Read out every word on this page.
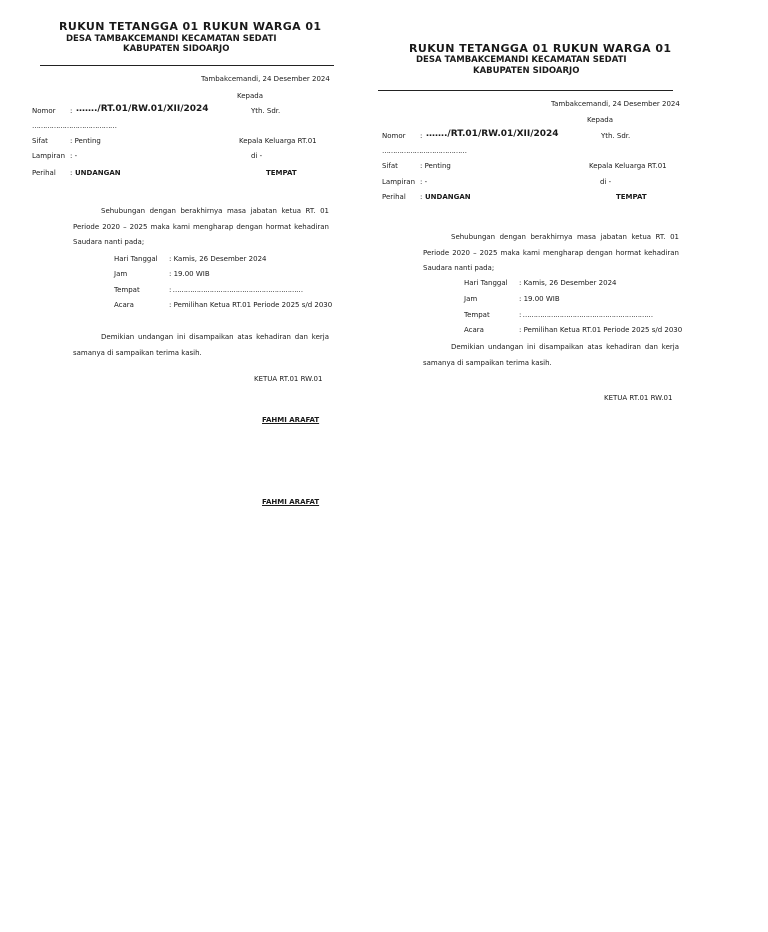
RUKUN TETANGGA 01 RUKUN WARGA 01
DESA TAMBAKCEMANDI KECAMATAN SEDATI
KABUPATEN SIDOARJO
Tambakcemandi, 24 Desember 2024
Kepada
Nomor : ……./RT.01/RW.01/XII/2024	Yth. Sdr.
…………………………………
Sifat	: Penting	Kepala Keluarga RT.01
Lampiran : -	di -
Perihal : UNDANGAN	TEMPAT
Sehubungan dengan berakhirnya masa jabatan ketua RT. 01 Periode 2020 – 2025 maka kami mengharap dengan hormat kehadiran Saudara nanti pada;
Hari Tanggal : Kamis, 26 Desember 2024
Jam	: 19.00 WIB
Tempat	: ……………………………………………………
Acara	: Pemilihan Ketua RT.01 Periode 2025 s/d 2030
Demikian undangan ini disampaikan atas kehadiran dan kerja samanya di sampaikan terima kasih.
KETUA RT.01 RW.01
FAHMI ARAFAT
FAHMI ARAFAT
RUKUN TETANGGA 01 RUKUN WARGA 01
DESA TAMBAKCEMANDI KECAMATAN SEDATI
KABUPATEN SIDOARJO
Tambakcemandi, 24 Desember 2024
Kepada
Nomor : ……./RT.01/RW.01/XII/2024	Yth. Sdr.
…………………………………
Sifat	: Penting	Kepala Keluarga RT.01
Lampiran : -	di -
Perihal : UNDANGAN	TEMPAT
Sehubungan dengan berakhirnya masa jabatan ketua RT. 01 Periode 2020 – 2025 maka kami mengharap dengan hormat kehadiran Saudara nanti pada;
Hari Tanggal : Kamis, 26 Desember 2024
Jam	: 19.00 WIB
Tempat	: ……………………………………………………
Acara	: Pemilihan Ketua RT.01 Periode 2025 s/d 2030
Demikian undangan ini disampaikan atas kehadiran dan kerja samanya di sampaikan terima kasih.
KETUA RT.01 RW.01
